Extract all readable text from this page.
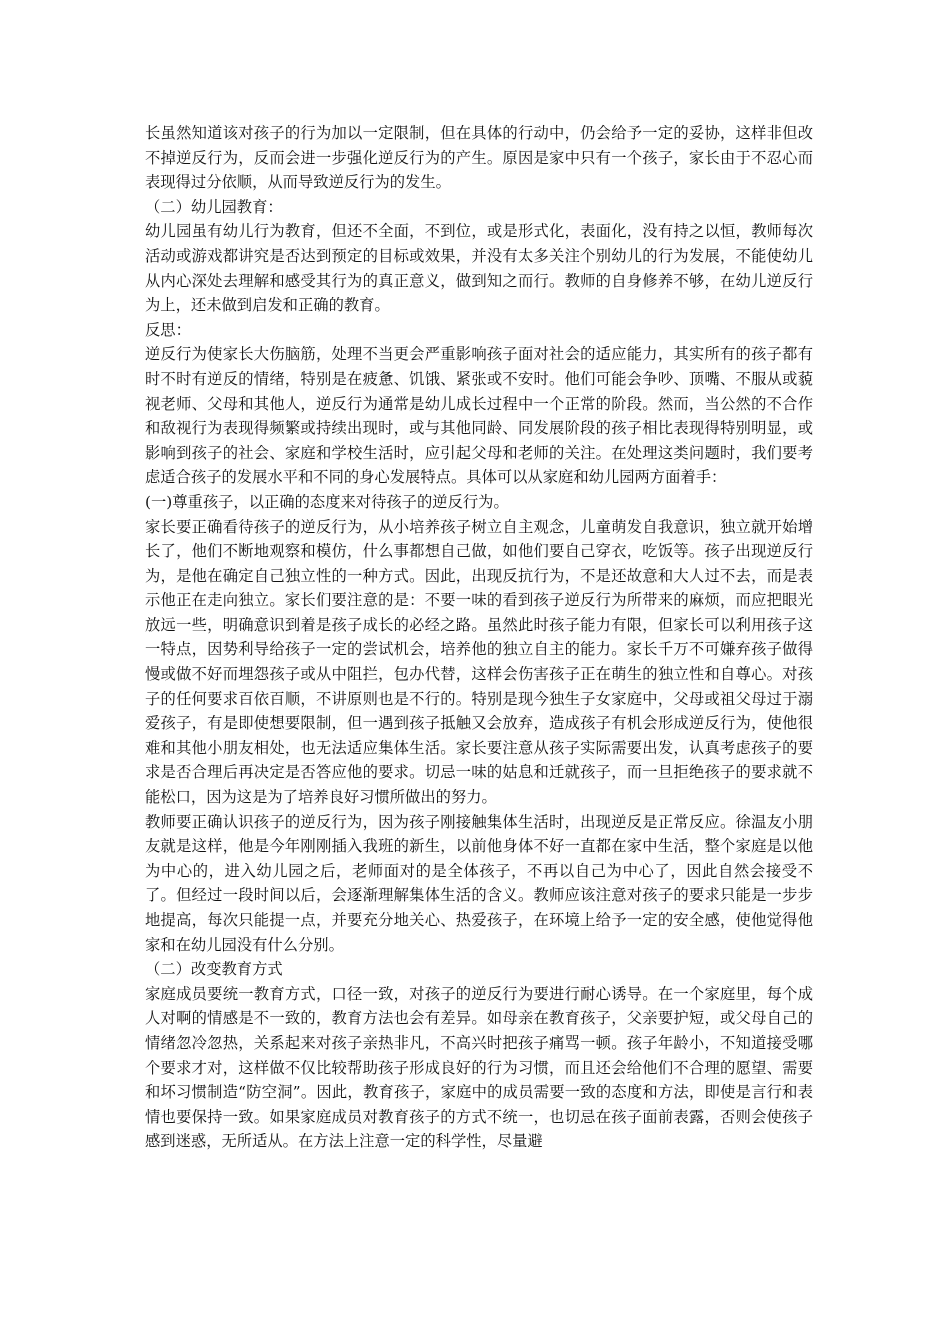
长虽然知道该对孩子的行为加以一定限制，但在具体的行动中，仍会给予一定的妥协，这样非但改不掉逆反行为，反而会进一步强化逆反行为的产生。原因是家中只有一个孩子，家长由于不忍心而表现得过分依顺，从而导致逆反行为的发生。

（二）幼儿园教育：

幼儿园虽有幼儿行为教育，但还不全面，不到位，或是形式化，表面化，没有持之以恒，教师每次活动或游戏都讲究是否达到预定的目标或效果，并没有太多关注个别幼儿的行为发展，不能使幼儿从内心深处去理解和感受其行为的真正意义，做到知之而行。教师的自身修养不够，在幼儿逆反行为上，还未做到启发和正确的教育。

反思：

逆反行为使家长大伤脑筋，处理不当更会严重影响孩子面对社会的适应能力，其实所有的孩子都有时不时有逆反的情绪，特别是在疲惫、饥饿、紧张或不安时。他们可能会争吵、顶嘴、不服从或藐视老师、父母和其他人，逆反行为通常是幼儿成长过程中一个正常的阶段。然而，当公然的不合作和敌视行为表现得频繁或持续出现时，或与其他同龄、同发展阶段的孩子相比表现得特别明显，或影响到孩子的社会、家庭和学校生活时，应引起父母和老师的关注。在处理这类问题时，我们要考虑适合孩子的发展水平和不同的身心发展特点。具体可以从家庭和幼儿园两方面着手：

(一)尊重孩子，以正确的态度来对待孩子的逆反行为。

家长要正确看待孩子的逆反行为，从小培养孩子树立自主观念，儿童萌发自我意识，独立就开始增长了，他们不断地观察和模仿，什么事都想自己做，如他们要自己穿衣，吃饭等。孩子出现逆反行为，是他在确定自己独立性的一种方式。因此，出现反抗行为，不是还故意和大人过不去，而是表示他正在走向独立。家长们要注意的是：不要一味的看到孩子逆反行为所带来的麻烦，而应把眼光放远一些，明确意识到着是孩子成长的必经之路。虽然此时孩子能力有限，但家长可以利用孩子这一特点，因势利导给孩子一定的尝试机会，培养他的独立自主的能力。家长千万不可嫌弃孩子做得慢或做不好而埋怨孩子或从中阻拦，包办代替，这样会伤害孩子正在萌生的独立性和自尊心。对孩子的任何要求百依百顺，不讲原则也是不行的。特别是现今独生子女家庭中，父母或祖父母过于溺爱孩子，有是即使想要限制，但一遇到孩子抵触又会放弃，造成孩子有机会形成逆反行为，使他很难和其他小朋友相处，也无法适应集体生活。家长要注意从孩子实际需要出发，认真考虑孩子的要求是否合理后再决定是否答应他的要求。切忌一味的姑息和迁就孩子，而一旦拒绝孩子的要求就不能松口，因为这是为了培养良好习惯所做出的努力。

教师要正确认识孩子的逆反行为，因为孩子刚接触集体生活时，出现逆反是正常反应。徐温友小朋友就是这样，他是今年刚刚插入我班的新生，以前他身体不好一直都在家中生活，整个家庭是以他为中心的，进入幼儿园之后，老师面对的是全体孩子，不再以自己为中心了，因此自然会接受不了。但经过一段时间以后，会逐渐理解集体生活的含义。教师应该注意对孩子的要求只能是一步步地提高，每次只能提一点，并要充分地关心、热爱孩子，在环境上给予一定的安全感，使他觉得他家和在幼儿园没有什么分别。

（二）改变教育方式

家庭成员要统一教育方式，口径一致，对孩子的逆反行为要进行耐心诱导。在一个家庭里，每个成人对啊的情感是不一致的，教育方法也会有差异。如母亲在教育孩子，父亲要护短，或父母自己的情绪忽冷忽热，关系起来对孩子亲热非凡，不高兴时把孩子痛骂一顿。孩子年龄小，不知道接受哪个要求才对，这样做不仅比较帮助孩子形成良好的行为习惯，而且还会给他们不合理的愿望、需要和坏习惯制造“防空洞”。因此，教育孩子，家庭中的成员需要一致的态度和方法，即使是言行和表情也要保持一致。如果家庭成员对教育孩子的方式不统一，也切忌在孩子面前表露，否则会使孩子感到迷惑，无所适从。在方法上注意一定的科学性，尽量避
